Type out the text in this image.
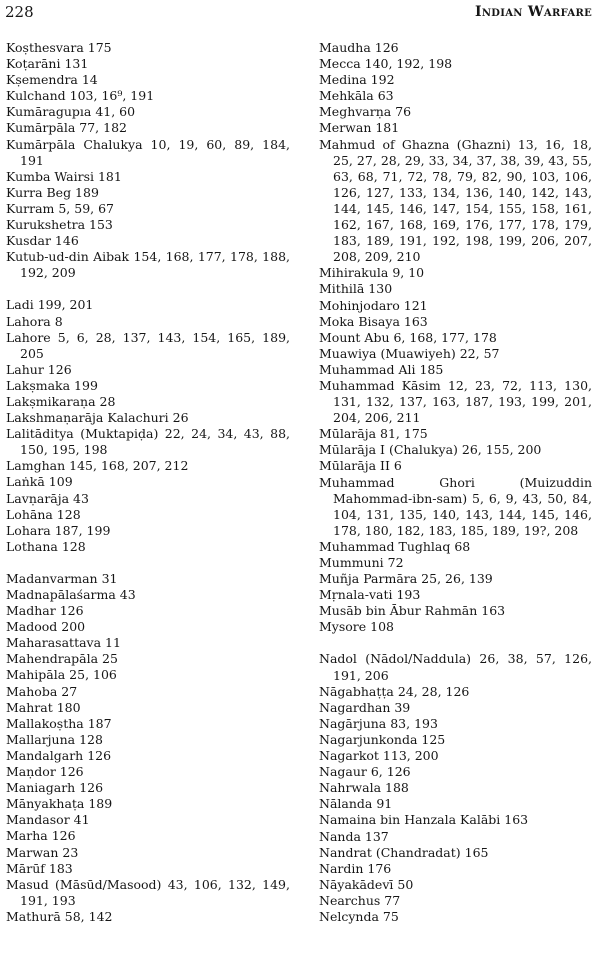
228	Indian Warfare
Koṣthesvara 175
Koṭarāni 131
Kṣemendra 14
Kulchand 103, 16⁹, 191
Kumāragupıa 41, 60
Kumārpāla 77, 182
Kumārpāla Chalukya 10, 19, 60, 89, 184, 191
Kumba Wairsi 181
Kurra Beg 189
Kurram 5, 59, 67
Kurukshetra 153
Kusdar 146
Kutub-ud-din Aibak 154, 168, 177, 178, 188, 192, 209
Ladi 199, 201
Lahora 8
Lahore 5, 6, 28, 137, 143, 154, 165, 189, 205
Lahur 126
Lakṣmaka 199
Lakṣmikaraṇa 28
Lakshmaṇarāja Kalachuri 26
Lalitāditya (Muktapiḍa) 22, 24, 34, 43, 88, 150, 195, 198
Lamghan 145, 168, 207, 212
Laṅkā 109
Lavṇarāja 43
Lohāna 128
Lohara 187, 199
Lothana 128
Madanvarman 31
Madnapālaśarma 43
Madhar 126
Madood 200
Maharasattava 11
Mahendrapāla 25
Mahipāla 25, 106
Mahoba 27
Mahrat 180
Mallakoṣtha 187
Mallarjuna 128
Mandalgarh 126
Maṇdor 126
Maniagarh 126
Mānyakhaṭa 189
Mandasor 41
Marha 126
Marwan 23
Mārūf 183
Masud (Māsūd/Masood) 43, 106, 132, 149, 191, 193
Mathurā 58, 142
Maudha 126
Mecca 140, 192, 198
Medina 192
Mehkāla 63
Meghvarṇa 76
Merwan 181
Mahmud of Ghazna (Ghazni) 13, 16, 18, 25, 27, 28, 29, 33, 34, 37, 38, 39, 43, 55, 63, 68, 71, 72, 78, 79, 82, 90, 103, 106, 126, 127, 133, 134, 136, 140, 142, 143, 144, 145, 146, 147, 154, 155, 158, 161, 162, 167, 168, 169, 176, 177, 178, 179, 183, 189, 191, 192, 198, 199, 206, 207, 208, 209, 210
Mihirakula 9, 10
Mithilā 130
Mohinjodaro 121
Moka Bisaya 163
Mount Abu 6, 168, 177, 178
Muawiya (Muawiyeh) 22, 57
Muhammad Ali 185
Muhammad Kāsim 12, 23, 72, 113, 130, 131, 132, 137, 163, 187, 193, 199, 201, 204, 206, 211
Mūlarāja 81, 175
Mūlarāja I (Chalukya) 26, 155, 200
Mūlarāja II 6
Muhammad Ghori (Muizuddin Mahommad-ibn-sam) 5, 6, 9, 43, 50, 84, 104, 131, 135, 140, 143, 144, 145, 146, 178, 180, 182, 183, 185, 189, 19?, 208
Muhammad Tughlaq 68
Mummuni 72
Muñja Parmāra 25, 26, 139
Mṛnala-vati 193
Musāb bin Ābur Rahmān 163
Mysore 108
Nadol (Nādol/Naddula) 26, 38, 57, 126, 191, 206
Nāgabhaṭṭa 24, 28, 126
Nagardhan 39
Nagārjuna 83, 193
Nagarjunkonda 125
Nagarkot 113, 200
Nagaur 6, 126
Nahrwala 188
Nālanda 91
Namaina bin Hanzala Kalābi 163
Nanda 137
Nandrat (Chandradat) 165
Nardin 176
Nāyakādevī 50
Nearchus 77
Nelcynda 75
